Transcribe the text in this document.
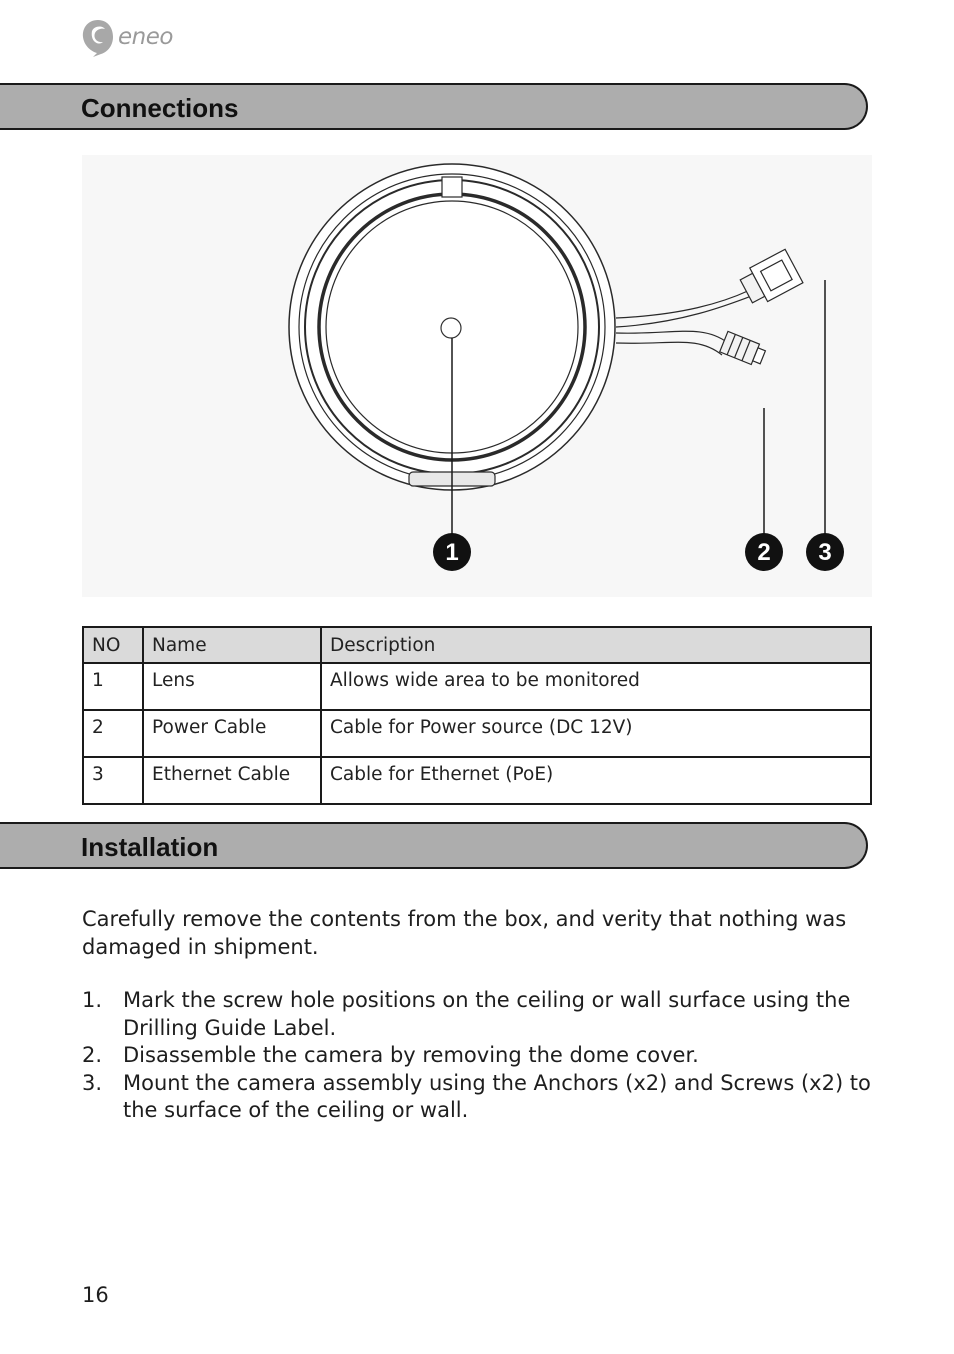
eneo
Connections
1	2 3
NO	Name	Description
1	Lens	Allows wide area to be monitored
2	Power Cable	Cable for Power source (DC 12V)
3	Ethernet Cable	Cable for Ethernet (PoE)
Installation

Carefully remove the contents from the box, and verity that nothing was damaged in shipment.

1. Mark the screw hole positions on the ceiling or wall surface using the Drilling Guide Label.
2. Disassemble the camera by removing the dome cover.
3. Mount the camera assembly using the Anchors (x2) and Screws (x2) to the surface of the ceiling or wall.
16
